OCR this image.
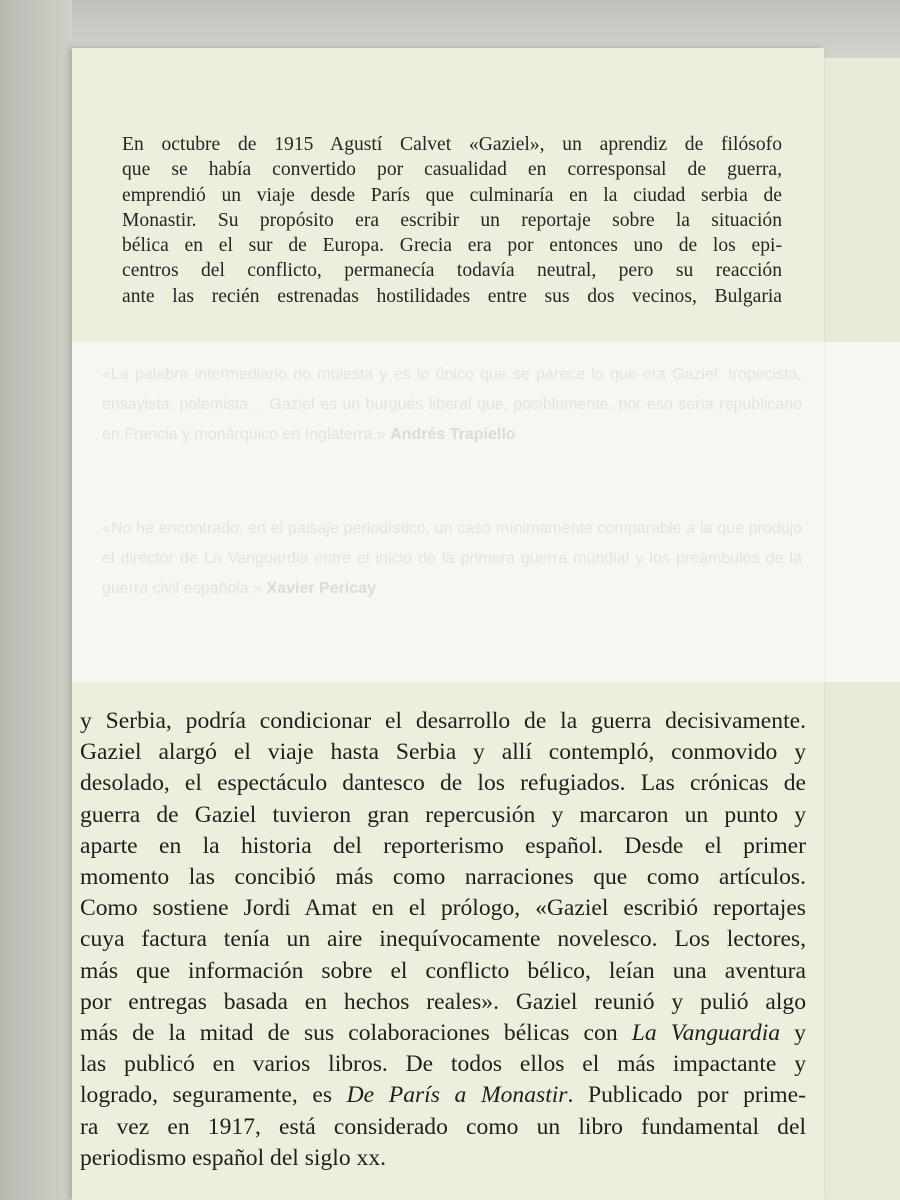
En octubre de 1915 Agustí Calvet «Gaziel», un aprendiz de filósofo
que se había convertido por casualidad en corresponsal de guerra,
emprendió un viaje desde París que culminaría en la ciudad serbia de
Monastir. Su propósito era escribir un reportaje sobre la situación
bélica en el sur de Europa. Grecia era por entonces uno de los epi-
centros del conflicto, permanecía todavía neutral, pero su reacción
ante las recién estrenadas hostilidades entre sus dos vecinos, Bulgaria
«La palabra intermediario no molesta y es lo único que se parece lo que era Gaziel: tropecista, ensayista, polemista… Gaziel es un burgués liberal que, posiblemente, por eso sería republicano en Francia y monárquico en Inglaterra.» Andrés Trapiello
«No he encontrado, en el paisaje periodístico, un caso mínimamente comparable a la que produjo el director de La Vanguardia entre el inicio de la primera guerra mundial y los preámbulos de la guerra civil española.» Xavier Pericay
y Serbia, podría condicionar el desarrollo de la guerra decisivamente.
Gaziel alargó el viaje hasta Serbia y allí contempló, conmovido y
desolado, el espectáculo dantesco de los refugiados. Las crónicas de
guerra de Gaziel tuvieron gran repercusión y marcaron un punto y
aparte en la historia del reporterismo español. Desde el primer
momento las concibió más como narraciones que como artículos.
Como sostiene Jordi Amat en el prólogo, «Gaziel escribió reportajes
cuya factura tenía un aire inequívocamente novelesco. Los lectores,
más que información sobre el conflicto bélico, leían una aventura
por entregas basada en hechos reales». Gaziel reunió y pulió algo
más de la mitad de sus colaboraciones bélicas con La Vanguardia y
las publicó en varios libros. De todos ellos el más impactante y
logrado, seguramente, es De París a Monastir. Publicado por prime-
ra vez en 1917, está considerado como un libro fundamental del
periodismo español del siglo xx.
